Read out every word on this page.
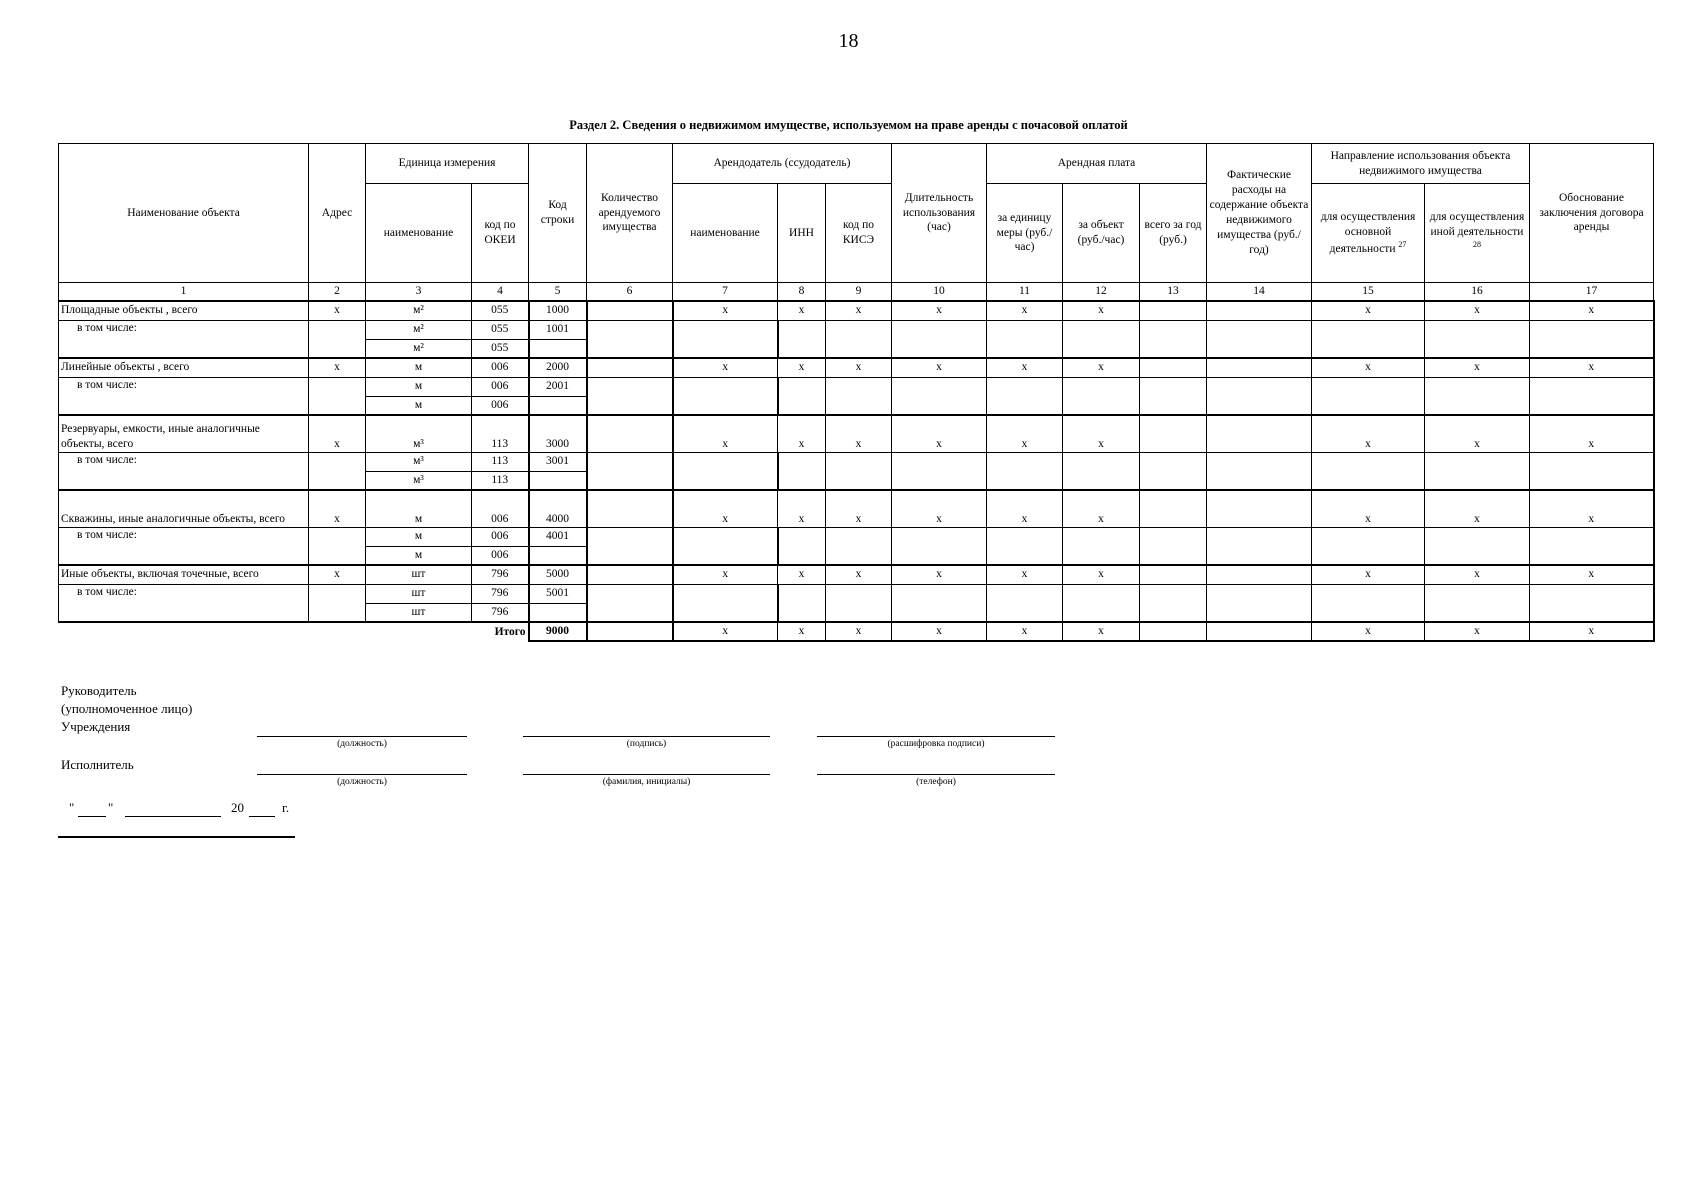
18
Раздел 2. Сведения о недвижимом имуществе, используемом на праве аренды с почасовой оплатой
Наименование объекта	Адрес	Единица измерения		Код строки	Количество арендуемого имущества	Арендодатель (ссудодатель)			Длительность использования (час)	Арендная плата			Фактические расходы на содержание объекта недвижимого имущества (руб./год)	Направление использования объекта недвижимого имущества		Обоснование заключения договора аренды
		наименование	код по ОКЕИ			наименование	ИНН	код по КИСЭ		за единицу меры (руб./час)	за объект (руб./час)	всего за год (руб.)		для осуществления основной деятельности $^{27}$	для осуществления иной деятельности $^{28}$
1	2	3	4	5	6	7	8	9	10	11	12	13	14	15	16	17
Площадные объекты , всего	x	м²	055	1000		x	x	x	x	x	x			x	x	x
в том числе:		м²	055	1001												
		м²	055													
Линейные объекты , всего	x	м	006	2000		x	x	x	x	x	x			x	x	x
в том числе:		м	006	2001												
		м	006													
Резервуары, емкости, иные аналогичные объекты, всего	x	м³	113	3000		x	x	x	x	x	x			x	x	x
в том числе:		м³	113	3001												
		м³	113													
Скважины, иные аналогичные объекты, всего	x	м	006	4000		x	x	x	x	x	x			x	x	x
в том числе:		м	006	4001												
		м	006													
Иные объекты, включая точечные, всего	x	шт	796	5000		x	x	x	x	x	x			x	x	x
в том числе:		шт	796	5001												
		шт	796													
Итого				9000		x	x	x	x	x	x			x	x	x
Руководитель
(уполномоченное лицо)
Учреждения
(должность)	(подпись)	(расшифровка подписи)
Исполнитель
(должность)	(фамилия, инициалы)	(телефон)
"	"	20	г.
